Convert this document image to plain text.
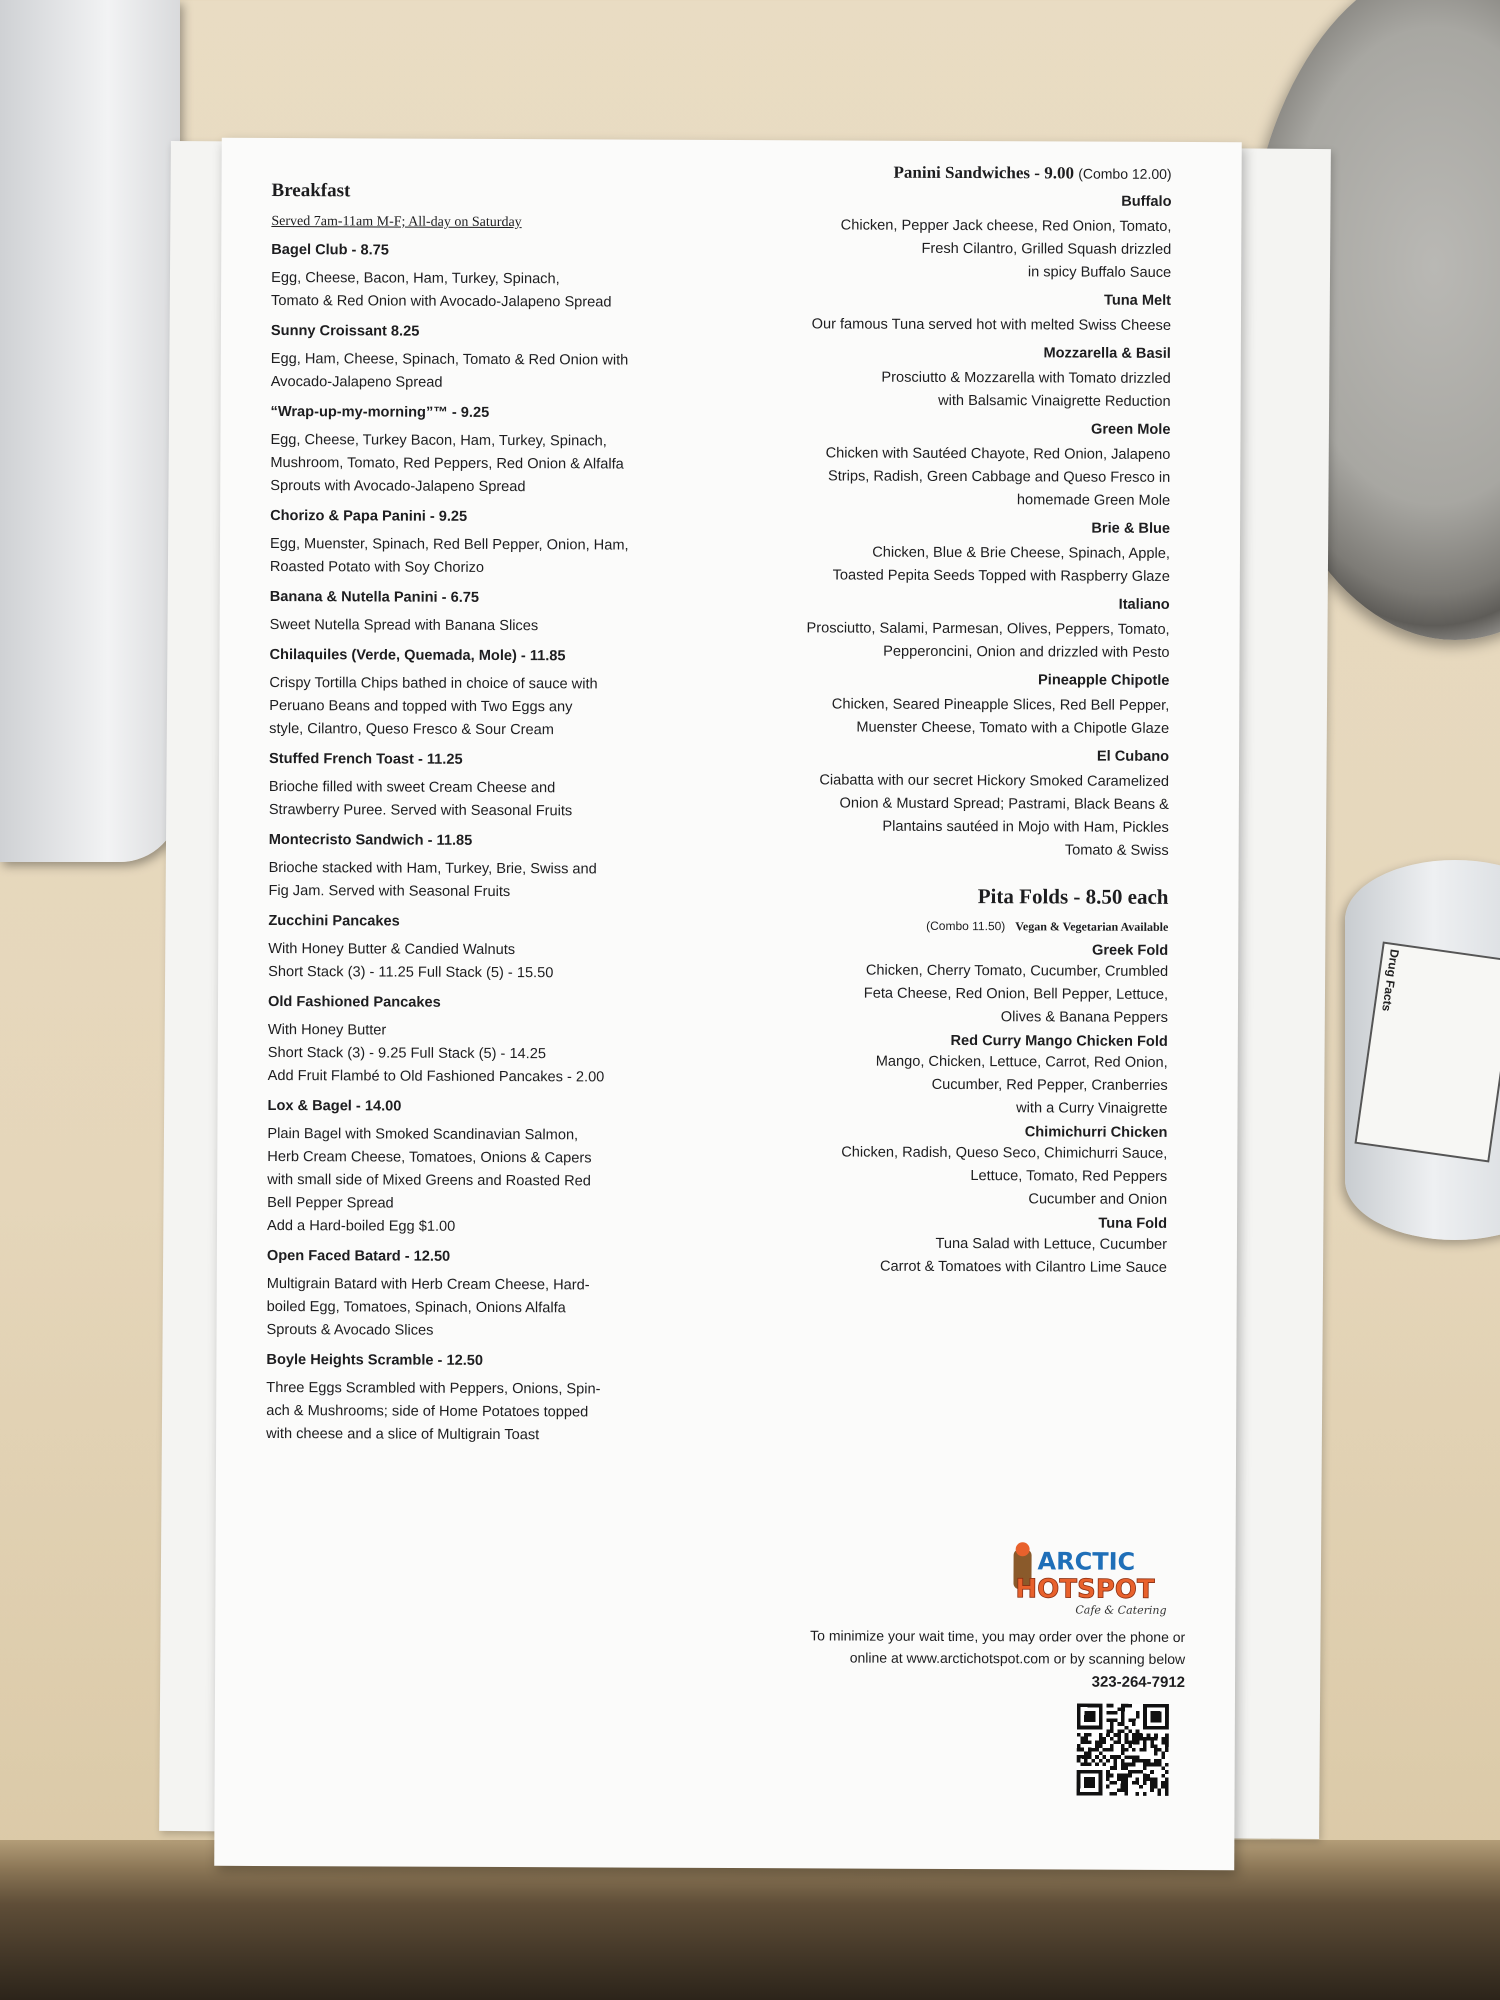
Drug Facts
Breakfast
Served 7am-11am M-F; All-day on Saturday
Bagel Club - 8.75
Egg, Cheese, Bacon, Ham, Turkey, Spinach,
Tomato & Red Onion with Avocado-Jalapeno Spread
Sunny Croissant 8.25
Egg, Ham, Cheese, Spinach, Tomato & Red Onion with
Avocado-Jalapeno Spread
“Wrap-up-my-morning”™ - 9.25
Egg, Cheese, Turkey Bacon, Ham, Turkey, Spinach,
Mushroom, Tomato, Red Peppers, Red Onion & Alfalfa
Sprouts with Avocado-Jalapeno Spread
Chorizo & Papa Panini - 9.25
Egg, Muenster, Spinach, Red Bell Pepper, Onion, Ham,
Roasted Potato with Soy Chorizo
Banana & Nutella Panini - 6.75
Sweet Nutella Spread with Banana Slices
Chilaquiles (Verde, Quemada, Mole) - 11.85
Crispy Tortilla Chips bathed in choice of sauce with
Peruano Beans and topped with Two Eggs any
style, Cilantro, Queso Fresco & Sour Cream
Stuffed French Toast - 11.25
Brioche filled with sweet Cream Cheese and
Strawberry Puree. Served with Seasonal Fruits
Montecristo Sandwich - 11.85
Brioche stacked with Ham, Turkey, Brie, Swiss and
Fig Jam. Served with Seasonal Fruits
Zucchini Pancakes
With Honey Butter & Candied Walnuts
Short Stack (3) - 11.25 Full Stack (5) - 15.50
Old Fashioned Pancakes
With Honey Butter
Short Stack (3) - 9.25 Full Stack (5) - 14.25
Add Fruit Flambé to Old Fashioned Pancakes - 2.00
Lox & Bagel - 14.00
Plain Bagel with Smoked Scandinavian Salmon,
Herb Cream Cheese, Tomatoes, Onions & Capers
with small side of Mixed Greens and Roasted Red
Bell Pepper Spread
Add a Hard-boiled Egg $1.00
Open Faced Batard - 12.50
Multigrain Batard with Herb Cream Cheese, Hard-
boiled Egg, Tomatoes, Spinach, Onions Alfalfa
Sprouts & Avocado Slices
Boyle Heights Scramble - 12.50
Three Eggs Scrambled with Peppers, Onions, Spin-
ach & Mushrooms; side of Home Potatoes topped
with cheese and a slice of Multigrain Toast
Panini Sandwiches - 9.00 (Combo 12.00)
Buffalo
Chicken, Pepper Jack cheese, Red Onion, Tomato,
Fresh Cilantro, Grilled Squash drizzled
in spicy Buffalo Sauce
Tuna Melt
Our famous Tuna served hot with melted Swiss Cheese
Mozzarella & Basil
Prosciutto & Mozzarella with Tomato drizzled
with Balsamic Vinaigrette Reduction
Green Mole
Chicken with Sautéed Chayote, Red Onion, Jalapeno
Strips, Radish, Green Cabbage and Queso Fresco in
homemade Green Mole
Brie & Blue
Chicken, Blue & Brie Cheese, Spinach, Apple,
Toasted Pepita Seeds Topped with Raspberry Glaze
Italiano
Prosciutto, Salami, Parmesan, Olives, Peppers, Tomato,
Pepperoncini, Onion and drizzled with Pesto
Pineapple Chipotle
Chicken, Seared Pineapple Slices, Red Bell Pepper,
Muenster Cheese, Tomato with a Chipotle Glaze
El Cubano
Ciabatta with our secret Hickory Smoked Caramelized
Onion & Mustard Spread; Pastrami, Black Beans &
Plantains sautéed in Mojo with Ham, Pickles
Tomato & Swiss
Pita Folds - 8.50 each
(Combo 11.50) Vegan & Vegetarian Available
Greek Fold
Chicken, Cherry Tomato, Cucumber, Crumbled
Feta Cheese, Red Onion, Bell Pepper, Lettuce,
Olives & Banana Peppers
Red Curry Mango Chicken Fold
Mango, Chicken, Lettuce, Carrot, Red Onion,
Cucumber, Red Pepper, Cranberries
with a Curry Vinaigrette
Chimichurri Chicken
Chicken, Radish, Queso Seco, Chimichurri Sauce,
Lettuce, Tomato, Red Peppers
Cucumber and Onion
Tuna Fold
Tuna Salad with Lettuce, Cucumber
Carrot & Tomatoes with Cilantro Lime Sauce
ARCTIC
HOTSPOT
Cafe & Catering
To minimize your wait time, you may order over the phone or
online at www.arctichotspot.com or by scanning below
323-264-7912
